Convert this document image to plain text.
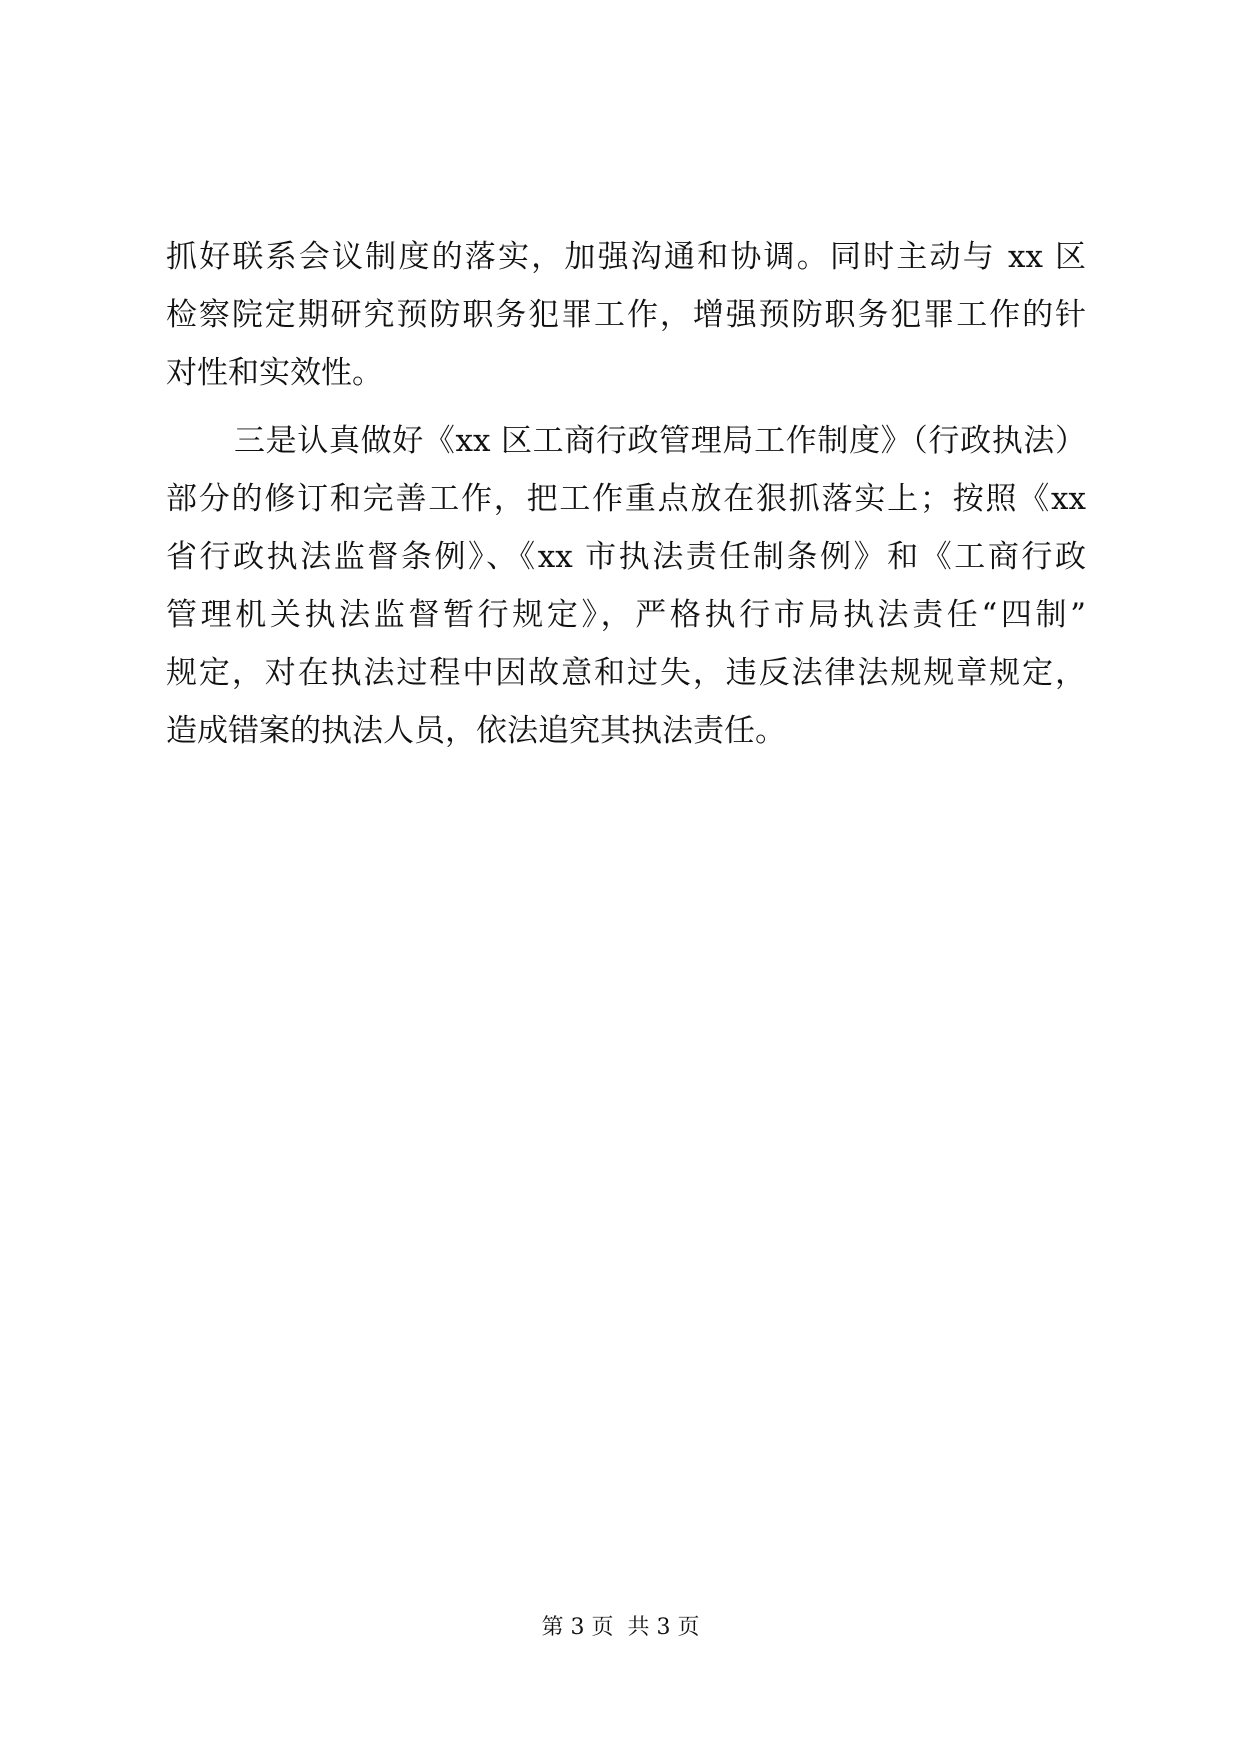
抓好联系会议制度的落实，加强沟通和协调。同时主动与 xx 区
检察院定期研究预防职务犯罪工作，增强预防职务犯罪工作的针
对性和实效性。
三是认真做好《xx 区工商行政管理局工作制度》（行政执法）
部分的修订和完善工作，把工作重点放在狠抓落实上；按照《xx
省行政执法监督条例》、《xx 市执法责任制条例》和《工商行政
管理机关执法监督暂行规定》，严格执行市局执法责任“四制”
规定，对在执法过程中因故意和过失，违反法律法规规章规定，
造成错案的执法人员，依法追究其执法责任。
第 3 页 共 3 页
